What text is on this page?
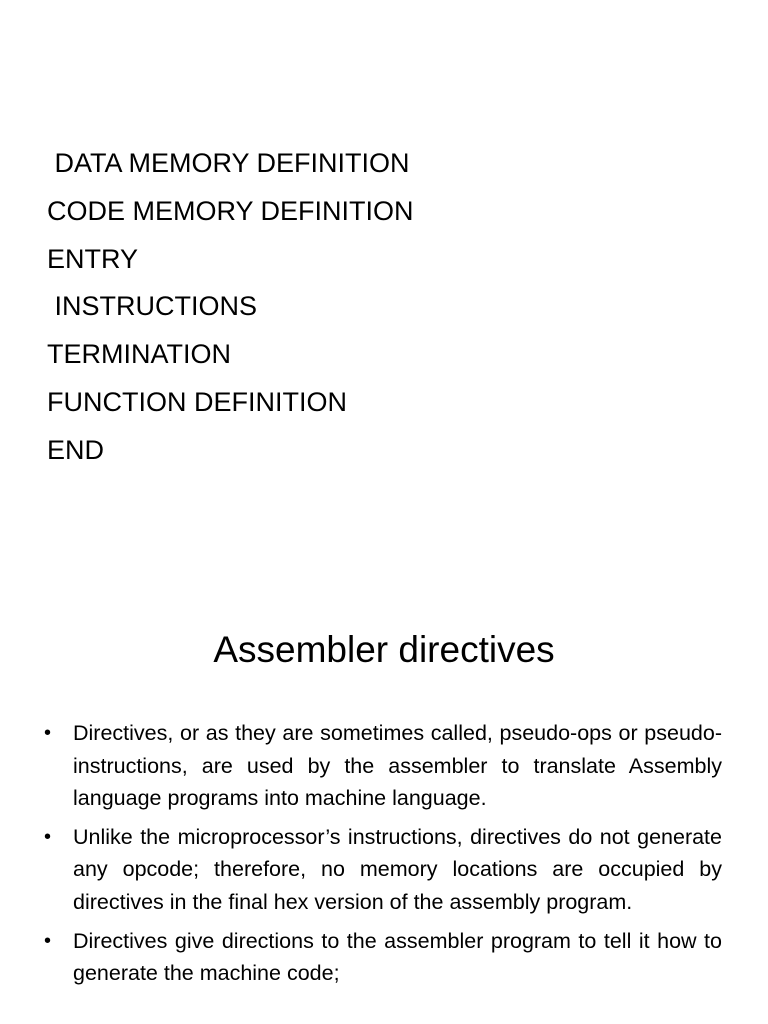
DATA MEMORY DEFINITION
CODE MEMORY DEFINITION
ENTRY
INSTRUCTIONS
TERMINATION
FUNCTION DEFINITION
END
Assembler directives
• Directives, or as they are sometimes called, pseudo-ops or pseudo-instructions, are used by the assembler to translate Assembly language programs into machine language.
• Unlike the microprocessor’s instructions, directives do not generate any opcode; therefore, no memory locations are occupied by directives in the final hex version of the assembly program.
• Directives give directions to the assembler program to tell it how to generate the machine code;
